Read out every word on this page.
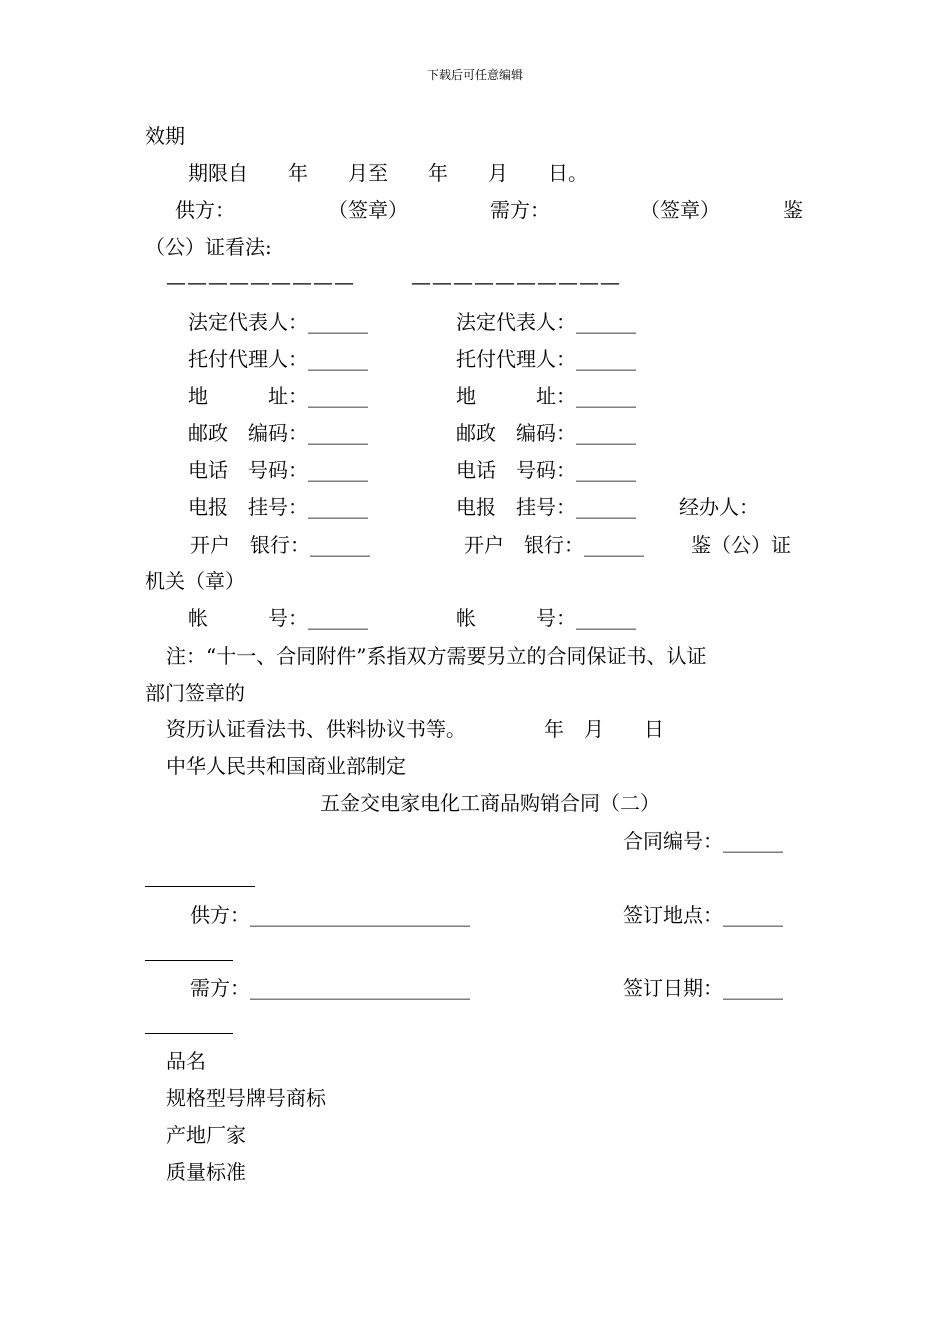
下载后可任意编辑
效期
期限自　　年　　月至　　年　　月　　日。
供方：	（签章）	需方：	（签章）	鉴
（公）证看法:
—————————	——————————
法定代表人：______	法定代表人：______
托付代理人：______	托付代理人：______
地　　　址：______	地　　　址：______
邮政　编码：______	邮政　编码：______
电话　号码：______	电话　号码：______
电报　挂号：______	电报　挂号：______ 经办人：
开户　银行：______	开户　银行：______ 鉴（公）证
机关（章）
帐　　　号：______	帐　　　号：______
注：“十一、合同附件”系指双方需要另立的合同保证书、认证
部门签章的
资历认证看法书、供料协议书等。	年　月　　日
中华人民共和国商业部制定
五金交电家电化工商品购销合同（二）
合同编号：______
供方：______________________	签订地点：______
需方：______________________	签订日期：______
品名
规格型号牌号商标
产地厂家
质量标准
